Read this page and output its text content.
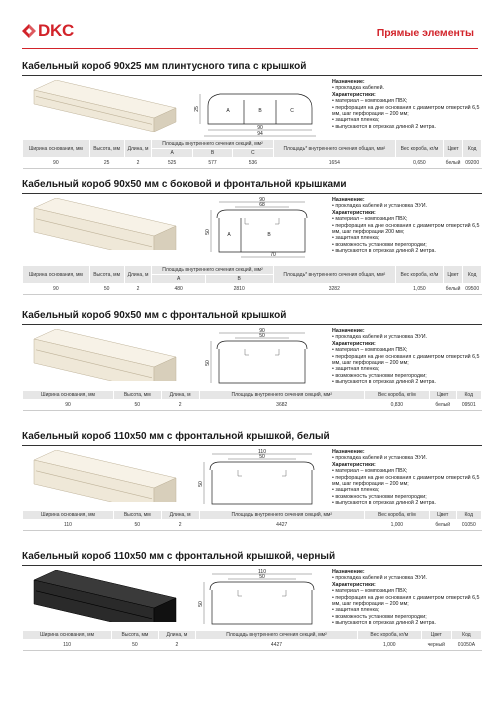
DKC	Прямые элементы
Кабельный короб 90х25 мм плинтусного типа с крышкой
A	B	C
90
94
25
Назначение:
• прокладка кабелей.
Характеристики:
• материал – композиция ПВХ;
• перфорация на дне основания с диаметром отверстий 6,5 мм, шаг перфорации – 200 мм;
• защитная пленка;
• выпускаются в отрезках длиной 2 метра.
Ширина основания, мм	Высота, мм	Длина, м	Площадь внутреннего сечения секций, мм²			Площадь* внутреннего сечения общая, мм²	Вес короба, кг/м	Цвет	Код
			A	B	C				
90	25	2	525	577	536	1654	0,650	белый	09200
Кабельный короб 90х50 мм с боковой и фронтальной крышками
A	B
70
90
68
50
Назначение:
• прокладка кабелей и установка ЭУИ.
Характеристики:
• материал – композиция ПВХ;
• перфорация на дне основания с диаметром отверстий 6,5 мм, шаг перфорации 200 мм;
• защитная пленка;
• возможность установки перегородки;
• выпускаются в отрезках длиной 2 метра.
Ширина основания, мм	Высота, мм	Длина, м	Площадь внутреннего сечения секций, мм²		Площадь* внутреннего сечения общая, мм²	Вес короба, кг/м	Цвет	Код
			A	B				
90	50	2	480	2810	3282	1,050	белый	09500
Кабельный короб 90х50 мм с фронтальной крышкой
90
50
50
Назначение:
• прокладка кабелей и установка ЭУИ.
Характеристики:
• материал – композиция ПВХ;
• перфорация на дне основания с диаметром отверстий 6,5 мм, шаг перфорации – 200 мм;
• защитная пленка;
• возможность установки перегородки;
• выпускаются в отрезках длиной 2 метра.
Ширина основания, мм	Высота, мм	Длина, м	Площадь внутреннего сечения секций, мм²	Вес короба, кг/м	Цвет	Код
90	50	2	3682	0,830	белый	09501
Кабельный короб 110х50 мм с фронтальной крышкой, белый
110
50
50
Назначение:
• прокладка кабелей и установка ЭУИ.
Характеристики:
• материал – композиция ПВХ;
• перфорация на дне основания с диаметром отверстий 6,5 мм, шаг перфорации – 200 мм;
• защитная пленка;
• возможность установки перегородки;
• выпускаются в отрезках длиной 2 метра.
Ширина основания, мм	Высота, мм	Длина, м	Площадь внутреннего сечения секций, мм²	Вес короба, кг/м	Цвет	Код
110	50	2	4427	1,000	белый	01050
Кабельный короб 110х50 мм с фронтальной крышкой, черный
110
50
50
Назначение:
• прокладка кабелей и установка ЭУИ.
Характеристики:
• материал – композиция ПВХ;
• перфорация на дне основания с диаметром отверстий 6,5 мм, шаг перфорации – 200 мм;
• защитная пленка;
• возможность установки перегородки;
• выпускаются в отрезках длиной 2 метра.
Ширина основания, мм	Высота, мм	Длина, м	Площадь внутреннего сечения секций, мм²	Вес короба, кг/м	Цвет	Код
110	50	2	4427	1,000	черный	01050A
